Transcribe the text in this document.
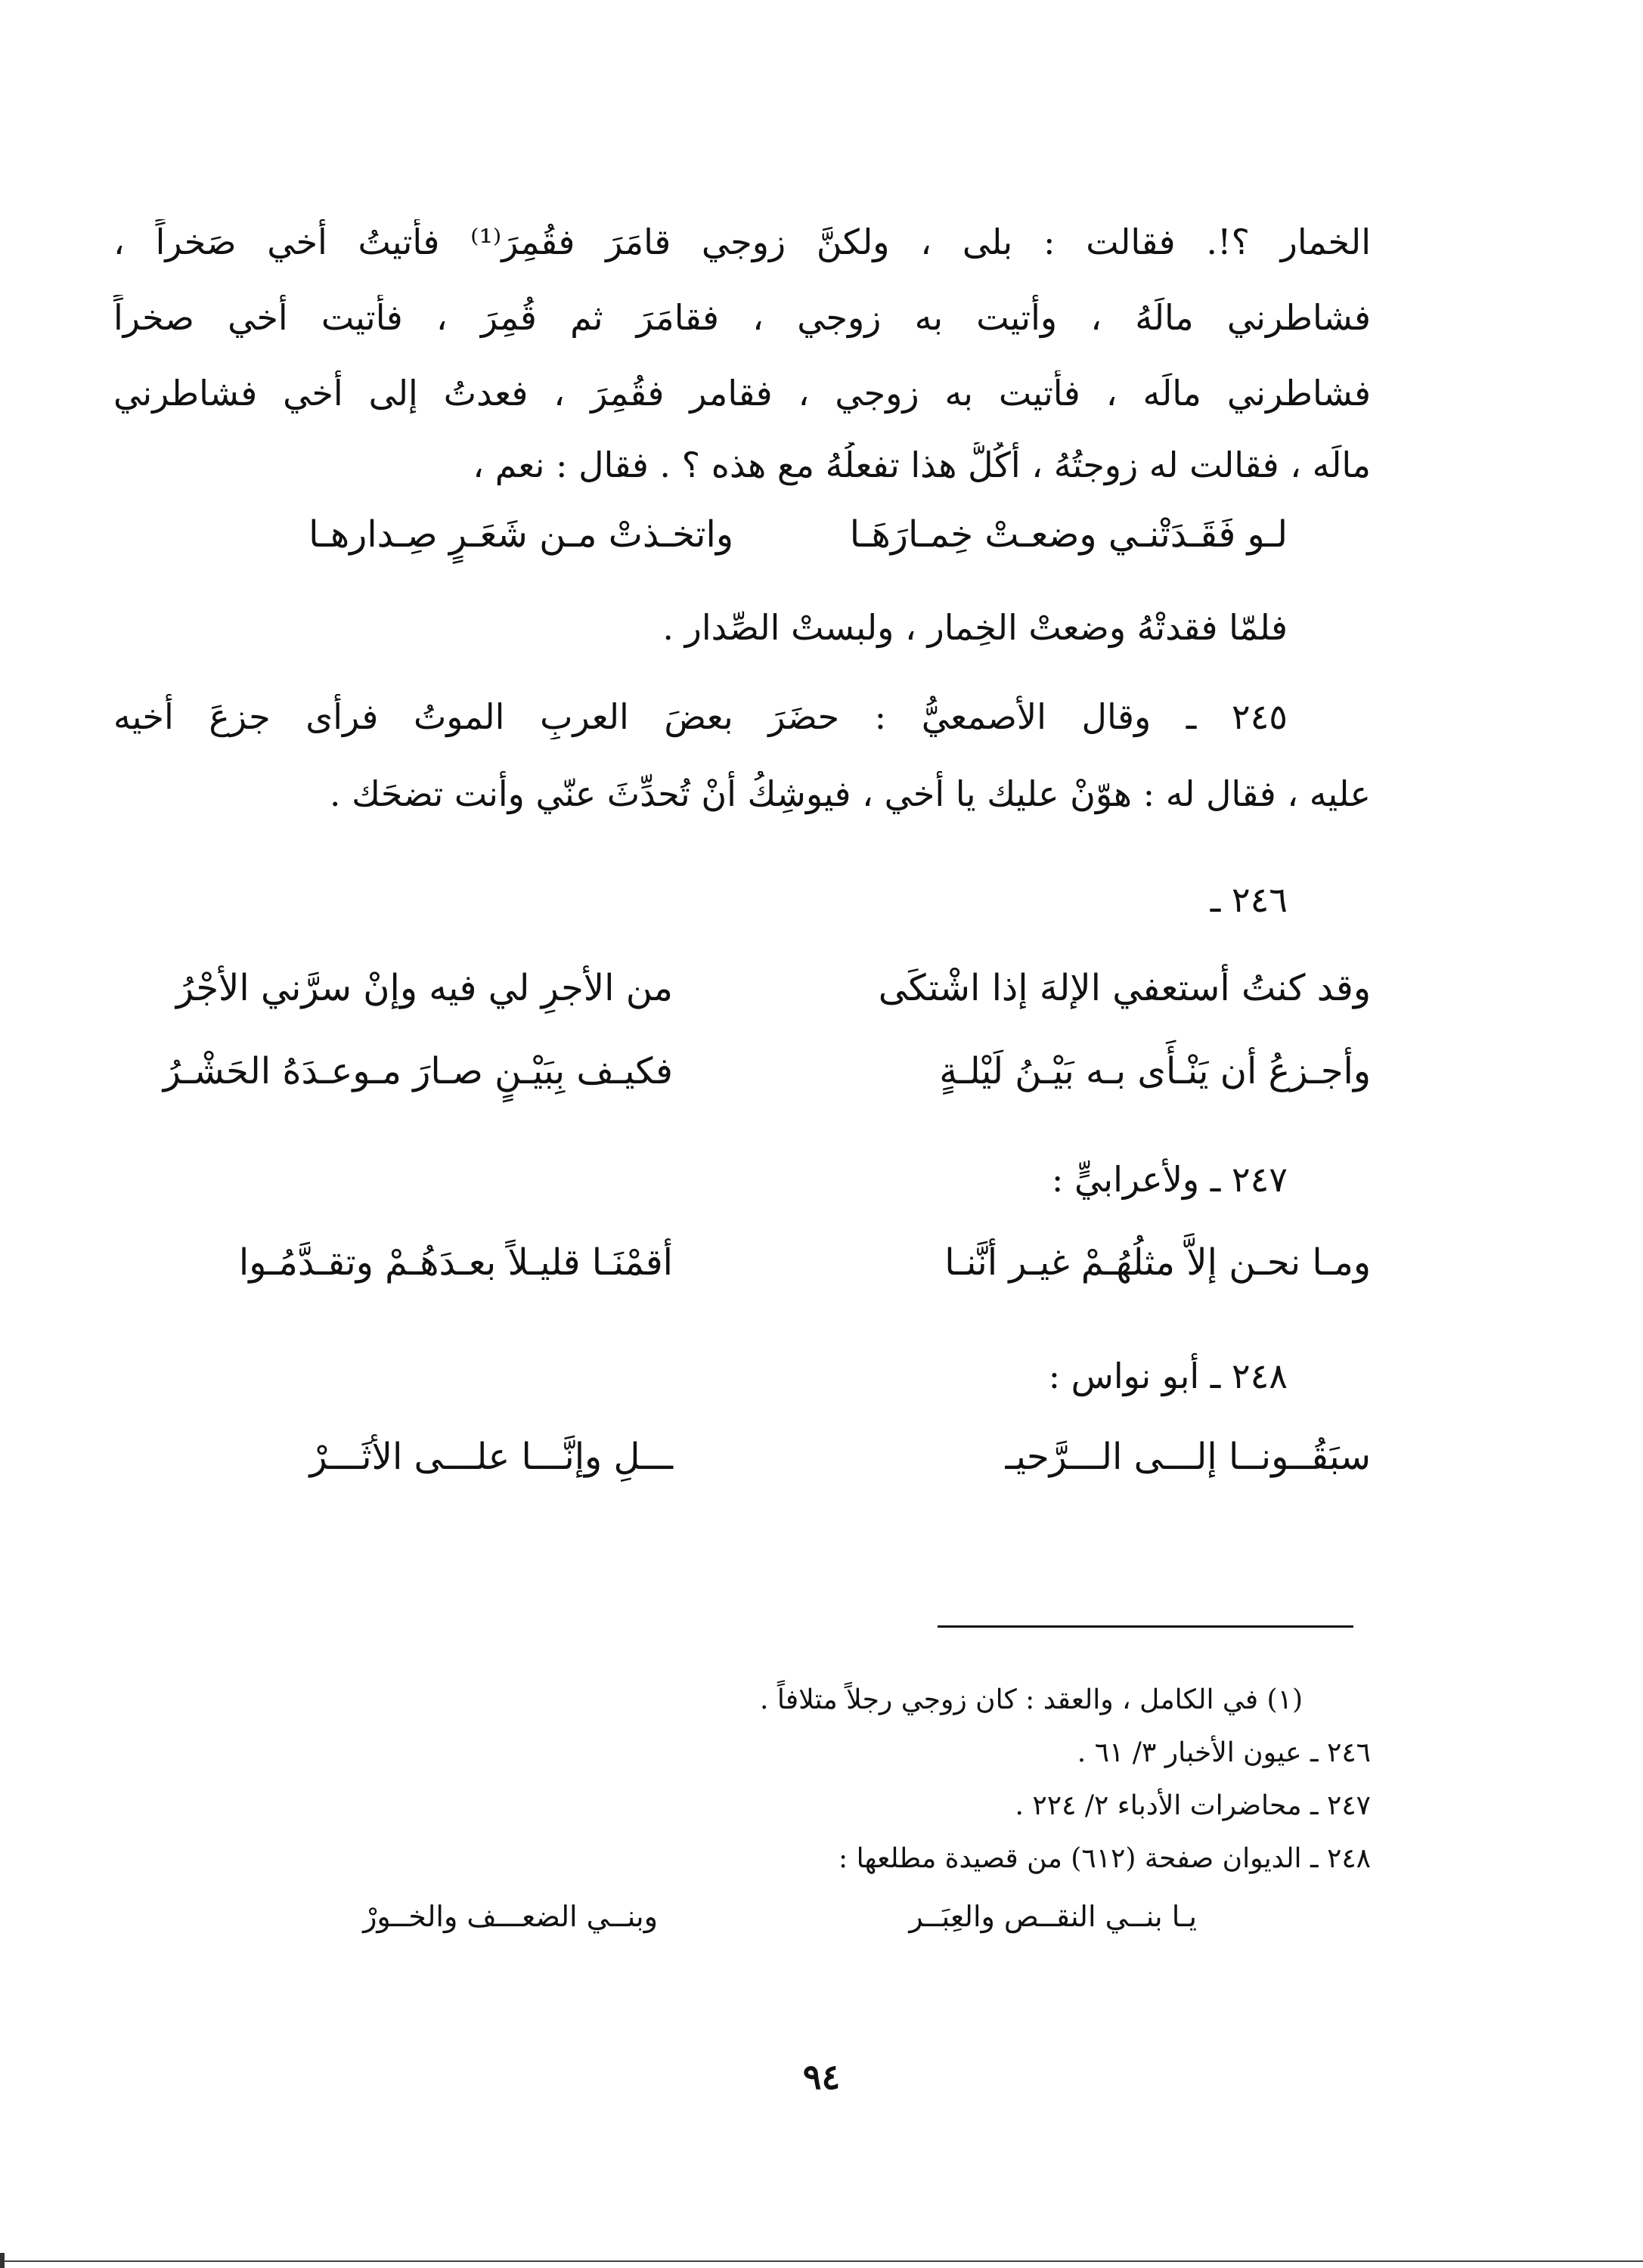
الخمار ؟!. فقالت : بلى ، ولكنَّ زوجي قامَرَ فقُمِرَ⁽¹⁾ فأتيتُ أخي صَخراً ،
فشاطرني مالَهُ ، وأتيت به زوجي ، فقامَرَ ثم قُمِرَ ، فأتيت أخي صخراً
فشاطرني مالَه ، فأتيت به زوجي ، فقامر فقُمِرَ ، فعدتُ إلى أخي فشاطرني
مالَه ، فقالت له زوجتُهُ ، أكُلُّ هذا تفعلُهُ مع هذه ؟ . فقال : نعم ،
لـو فَقَـدَتْنـي وضعـتْ خِمـارَهَـا
واتخـذتْ مـن شَعَـرٍ صِـدارهـا
فلمّا فقدتْهُ وضعتْ الخِمار ، ولبستْ الصِّدار .
٢٤٥ ـ وقال الأصمعيُّ : حضَرَ بعضَ العربِ الموتُ فرأى جزعَ أخيه
عليه ، فقال له : هوّنْ عليك يا أخي ، فيوشِكُ أنْ تُحدِّثَ عنّي وأنت تضحَك .
٢٤٦ ـ
وقد كنتُ أستعفي الإلهَ إذا اشْتكَى
من الأجرِ لي فيه وإنْ سرَّني الأجْرُ
وأجـزعُ أن يَنْـأَى بـه بَيْـنُ لَيْلـةٍ
فكيـف بِبَيْـنٍ صـارَ مـوعـدَهُ الحَشْـرُ
٢٤٧ ـ ولأعرابيٍّ :
ومـا نحـن إلاَّ مثلُهُـمْ غيـر أنَّنـا
أقمْنَـا قليـلاً بعـدَهُـمْ وتقـدَّمُـوا
٢٤٨ ـ أبو نواس :
سبَقُــونــا إلـــى الـــرَّحيـ
ـــلِ وإنَّـــا علـــى الأثَـــرْ
(١) في الكامل ، والعقد : كان زوجي رجلاً متلافاً .
٢٤٦ ـ عيون الأخبار ٣/ ٦١ .
٢٤٧ ـ محاضرات الأدباء ٢/ ٢٢٤ .
٢٤٨ ـ الديوان صفحة (٦١٢) من قصيدة مطلعها :
يـا بنــي النقــص والعِبَــر
وبنــي الضعـــف والخــورْ
٩٤
